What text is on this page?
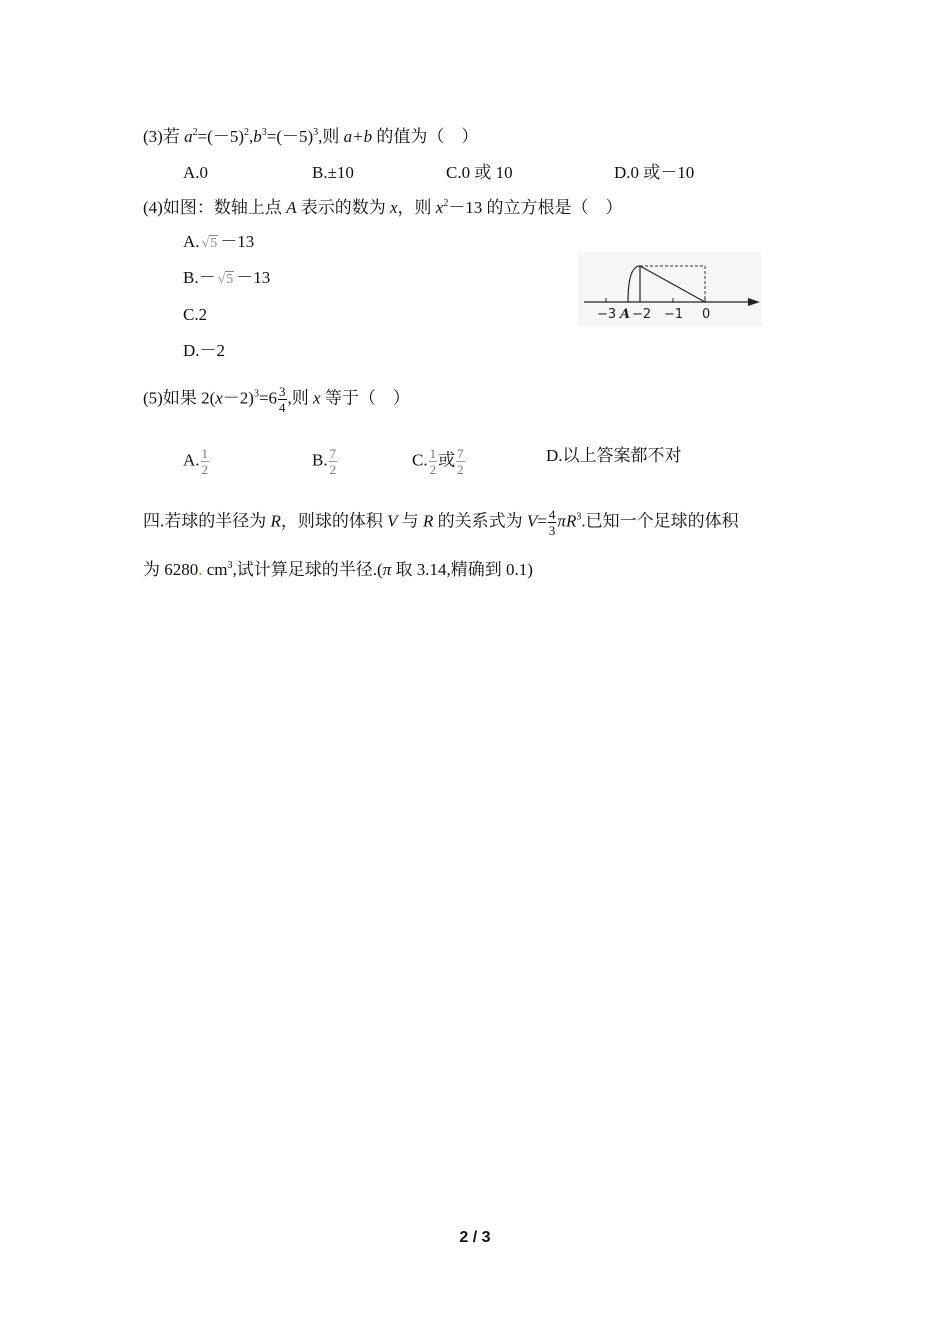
(3)若 $a^2=(-5)^2,b^3=(-5)^3$,则 a+b 的值为（　）
A.0	B.±10	C.0 或 10	D.0 或－10
(4)如图：数轴上点 A 表示的数为 x，则 $x^2-13$ 的立方根是（　）
A. √5 －13
B.－ √5 －13
C.2
D.－2
−3 A −2 −1 0
(5)如果 $2(x-2)^3=6 \frac{3}{4}$ ,则 x 等于（　）
A. $\frac{1}{2}$	B. $\frac{7}{2}$	C. $\frac{1}{2}$ 或 $\frac{7}{2}$	D.以上答案都不对
四.若球的半径为 R，则球的体积 V 与 R 的关系式为 $V= \frac{4}{3} \pi R^3$.已知一个足球的体积
为 6280. $cm^3$,试计算足球的半径.(π 取 3.14,精确到 0.1)
2 / 3
